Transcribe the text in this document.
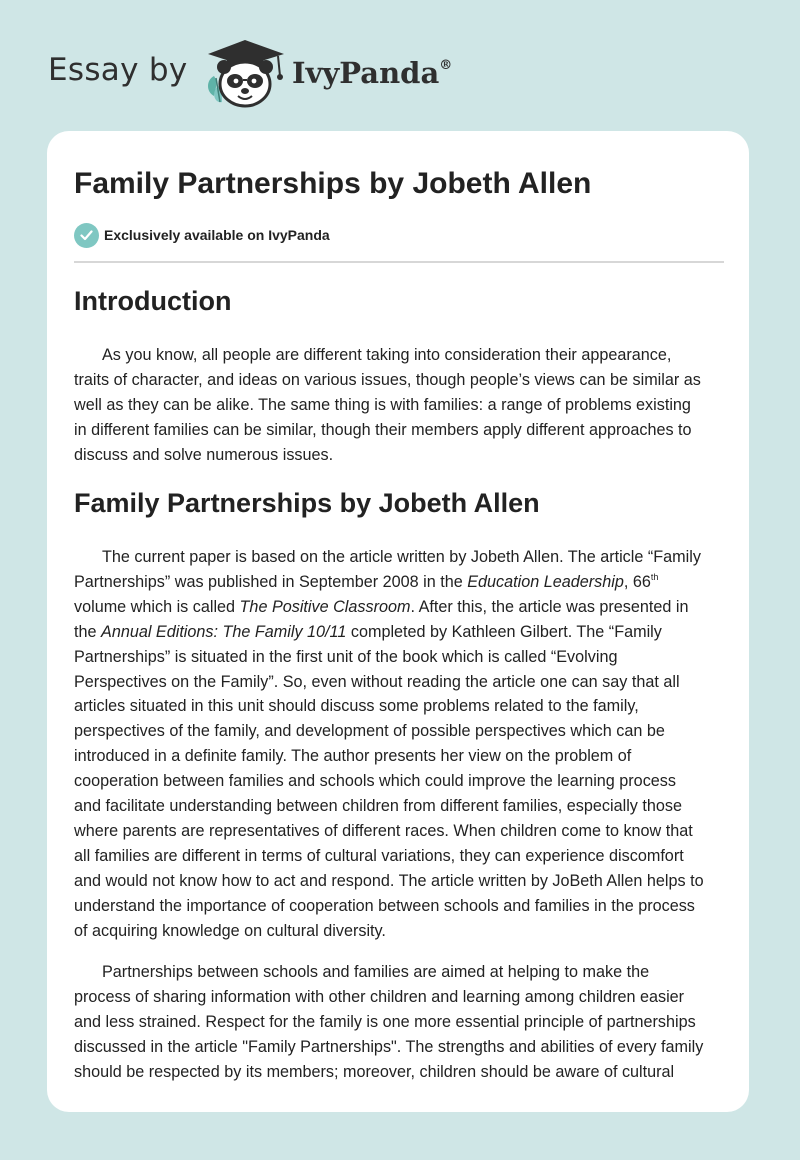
Essay by	IvyPanda®
Family Partnerships by Jobeth Allen
Exclusively available on IvyPanda
Introduction
As you know, all people are different taking into consideration their appearance,
traits of character, and ideas on various issues, though people’s views can be similar as
well as they can be alike. The same thing is with families: a range of problems existing
in different families can be similar, though their members apply different approaches to
discuss and solve numerous issues.
Family Partnerships by Jobeth Allen
The current paper is based on the article written by Jobeth Allen. The article “Family
Partnerships” was published in September 2008 in the Education Leadership, 66th
volume which is called The Positive Classroom. After this, the article was presented in
the Annual Editions: The Family 10/11 completed by Kathleen Gilbert. The “Family
Partnerships” is situated in the first unit of the book which is called “Evolving
Perspectives on the Family”. So, even without reading the article one can say that all
articles situated in this unit should discuss some problems related to the family,
perspectives of the family, and development of possible perspectives which can be
introduced in a definite family. The author presents her view on the problem of
cooperation between families and schools which could improve the learning process
and facilitate understanding between children from different families, especially those
where parents are representatives of different races. When children come to know that
all families are different in terms of cultural variations, they can experience discomfort
and would not know how to act and respond. The article written by JoBeth Allen helps to
understand the importance of cooperation between schools and families in the process
of acquiring knowledge on cultural diversity.
Partnerships between schools and families are aimed at helping to make the
process of sharing information with other children and learning among children easier
and less strained. Respect for the family is one more essential principle of partnerships
discussed in the article "Family Partnerships". The strengths and abilities of every family
should be respected by its members; moreover, children should be aware of cultural
